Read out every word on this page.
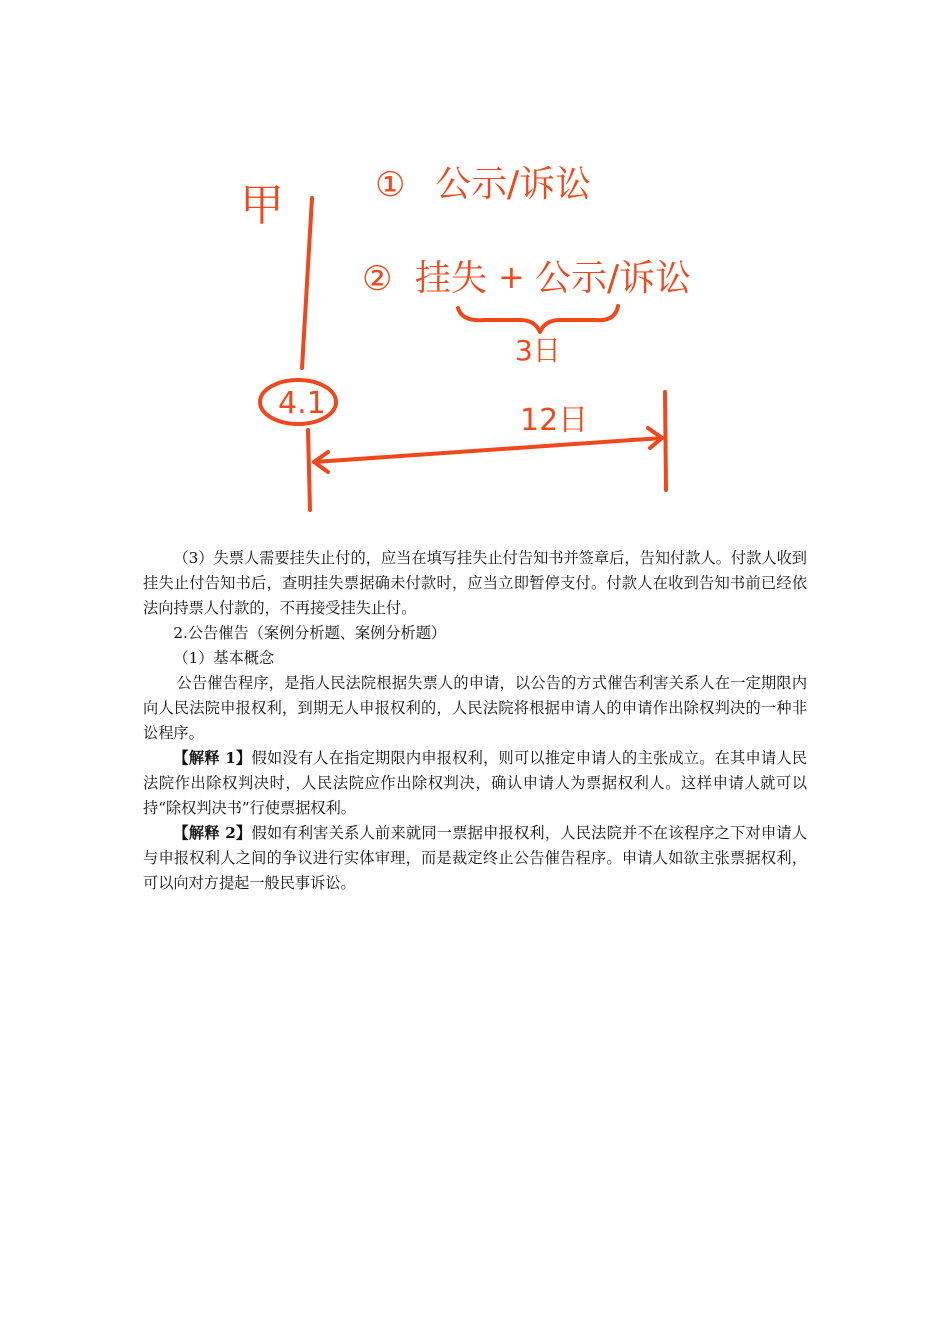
甲	① 公示/诉讼
② 挂失 + 公示/诉讼
3日
4.1	12日

（3）失票人需要挂失止付的，应当在填写挂失止付告知书并签章后，告知付款人。付款人收到挂失止付告知书后，查明挂失票据确未付款时，应当立即暂停支付。付款人在收到告知书前已经依法向持票人付款的，不再接受挂失止付。

2.公告催告（案例分析题、案例分析题）

（1）基本概念

公告催告程序，是指人民法院根据失票人的申请，以公告的方式催告利害关系人在一定期限内向人民法院申报权利，到期无人申报权利的，人民法院将根据申请人的申请作出除权判决的一种非讼程序。

【解释 1】假如没有人在指定期限内申报权利，则可以推定申请人的主张成立。在其申请人民法院作出除权判决时，人民法院应作出除权判决，确认申请人为票据权利人。这样申请人就可以持“除权判决书”行使票据权利。

【解释 2】假如有利害关系人前来就同一票据申报权利，人民法院并不在该程序之下对申请人与申报权利人之间的争议进行实体审理，而是裁定终止公告催告程序。申请人如欲主张票据权利，可以向对方提起一般民事诉讼。
